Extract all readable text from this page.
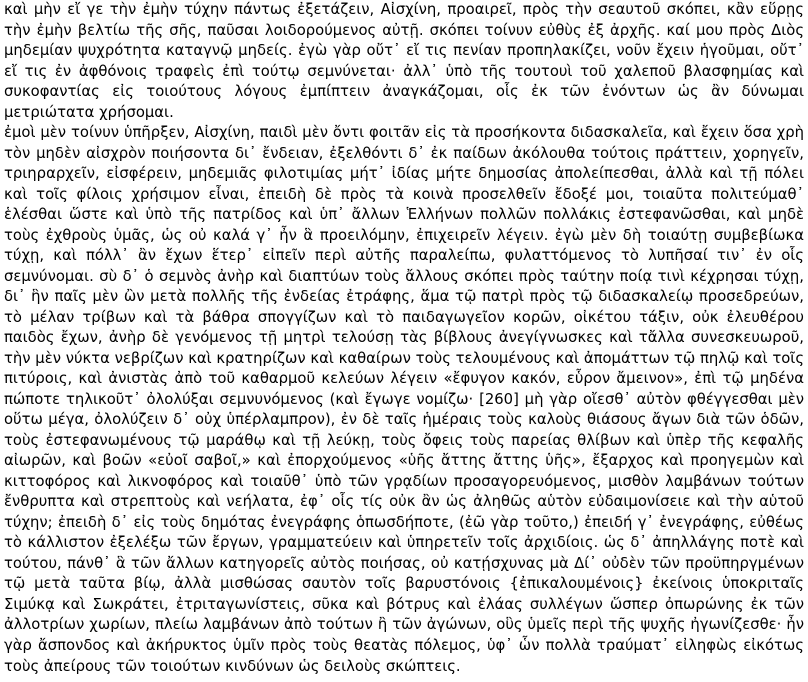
καὶ μὴν εἴ γε τὴν ἐμὴν τύχην πάντως ἐξετάζειν, Αἰσχίνη, προαιρεῖ, πρὸς τὴν σεαυτοῦ σκόπει, κἂν εὕρῃς τὴν ἐμὴν βελτίω τῆς σῆς, παῦσαι λοιδορούμενος αὐτῇ. σκόπει τοίνυν εὐθὺς ἐξ ἀρχῆς. καί μου πρὸς Διὸς μηδεμίαν ψυχρότητα καταγνῷ μηδείς. ἐγὼ γὰρ οὔτ᾽ εἴ τις πενίαν προπηλακίζει, νοῦν ἔχειν ἡγοῦμαι, οὔτ᾽ εἴ τις ἐν ἀφθόνοις τραφεὶς ἐπὶ τούτῳ σεμνύνεται· ἀλλ᾽ ὑπὸ τῆς τουτουὶ τοῦ χαλεποῦ βλασφημίας καὶ συκοφαντίας εἰς τοιούτους λόγους ἐμπίπτειν ἀναγκάζομαι, οἷς ἐκ τῶν ἐνόντων ὡς ἂν δύνωμαι μετριώτατα χρήσομαι.

ἐμοὶ μὲν τοίνυν ὑπῆρξεν, Αἰσχίνη, παιδὶ μὲν ὄντι φοιτᾶν εἰς τὰ προσήκοντα διδασκαλεῖα, καὶ ἔχειν ὅσα χρὴ τὸν μηδὲν αἰσχρὸν ποιήσοντα δι᾽ ἔνδειαν, ἐξελθόντι δ᾽ ἐκ παίδων ἀκόλουθα τούτοις πράττειν, χορηγεῖν, τριηραρχεῖν, εἰσφέρειν, μηδεμιᾶς φιλοτιμίας μήτ᾽ ἰδίας μήτε δημοσίας ἀπολείπεσθαι, ἀλλὰ καὶ τῇ πόλει καὶ τοῖς φίλοις χρήσιμον εἶναι, ἐπειδὴ δὲ πρὸς τὰ κοινὰ προσελθεῖν ἔδοξέ μοι, τοιαῦτα πολιτεύμαθ᾽ ἑλέσθαι ὥστε καὶ ὑπὸ τῆς πατρίδος καὶ ὑπ᾽ ἄλλων Ἑλλήνων πολλῶν πολλάκις ἐστεφανῶσθαι, καὶ μηδὲ τοὺς ἐχθροὺς ὑμᾶς, ὡς οὐ καλά γ᾽ ἦν ἃ προειλόμην, ἐπιχειρεῖν λέγειν. ἐγὼ μὲν δὴ τοιαύτῃ συμβεβίωκα τύχῃ, καὶ πόλλ᾽ ἂν ἔχων ἕτερ᾽ εἰπεῖν περὶ αὐτῆς παραλείπω, φυλαττόμενος τὸ λυπῆσαί τιν᾽ ἐν οἷς σεμνύνομαι. σὺ δ᾽ ὁ σεμνὸς ἀνὴρ καὶ διαπτύων τοὺς ἄλλους σκόπει πρὸς ταύτην ποίᾳ τινὶ κέχρησαι τύχῃ, δι᾽ ἣν παῖς μὲν ὢν μετὰ πολλῆς τῆς ἐνδείας ἐτράφης, ἅμα τῷ πατρὶ πρὸς τῷ διδασκαλείῳ προσεδρεύων, τὸ μέλαν τρίβων καὶ τὰ βάθρα σπογγίζων καὶ τὸ παιδαγωγεῖον κορῶν, οἰκέτου τάξιν, οὐκ ἐλευθέρου παιδὸς ἔχων, ἀνὴρ δὲ γενόμενος τῇ μητρὶ τελούσῃ τὰς βίβλους ἀνεγίγνωσκες καὶ τἄλλα συνεσκευωροῦ, τὴν μὲν νύκτα νεβρίζων καὶ κρατηρίζων καὶ καθαίρων τοὺς τελουμένους καὶ ἀπομάττων τῷ πηλῷ καὶ τοῖς πιτύροις, καὶ ἀνιστὰς ἀπὸ τοῦ καθαρμοῦ κελεύων λέγειν «ἔφυγον κακόν, εὗρον ἄμεινον», ἐπὶ τῷ μηδένα πώποτε τηλικοῦτ᾽ ὀλολύξαι σεμνυνόμενος (καὶ ἔγωγε νομίζω· [260] μὴ γὰρ οἴεσθ᾽ αὐτὸν φθέγγεσθαι μὲν οὕτω μέγα, ὀλολύζειν δ᾽ οὐχ ὑπέρλαμπρον), ἐν δὲ ταῖς ἡμέραις τοὺς καλοὺς θιάσους ἄγων διὰ τῶν ὁδῶν, τοὺς ἐστεφανωμένους τῷ μαράθῳ καὶ τῇ λεύκῃ, τοὺς ὄφεις τοὺς παρείας θλίβων καὶ ὑπὲρ τῆς κεφαλῆς αἰωρῶν, καὶ βοῶν «εὐοῖ σαβοῖ,» καὶ ἐπορχούμενος «ὑῆς ἄττης ἄττης ὑῆς», ἔξαρχος καὶ προηγεμὼν καὶ κιττοφόρος καὶ λικνοφόρος καὶ τοιαῦθ᾽ ὑπὸ τῶν γρᾳδίων προσαγορευόμενος, μισθὸν λαμβάνων τούτων ἔνθρυπτα καὶ στρεπτοὺς καὶ νεήλατα, ἐφ᾽ οἷς τίς οὐκ ἂν ὡς ἀληθῶς αὑτὸν εὐδαιμονίσειε καὶ τὴν αὑτοῦ τύχην; ἐπειδὴ δ᾽ εἰς τοὺς δημότας ἐνεγράφης ὁπωσδήποτε, (ἐῶ γὰρ τοῦτο,) ἐπειδή γ᾽ ἐνεγράφης, εὐθέως τὸ κάλλιστον ἐξελέξω τῶν ἔργων, γραμματεύειν καὶ ὑπηρετεῖν τοῖς ἀρχιδίοις. ὡς δ᾽ ἀπηλλάγης ποτὲ καὶ τούτου, πάνθ᾽ ἃ τῶν ἄλλων κατηγορεῖς αὐτὸς ποιήσας, οὐ κατῄσχυνας μὰ Δί᾽ οὐδὲν τῶν προϋπηργμένων τῷ μετὰ ταῦτα βίῳ, ἀλλὰ μισθώσας σαυτὸν τοῖς βαρυστόνοις {ἐπικαλουμένοις} ἐκείνοις ὑποκριταῖς Σιμύκᾳ καὶ Σωκράτει, ἐτριταγωνίστεις, σῦκα καὶ βότρυς καὶ ἐλάας συλλέγων ὥσπερ ὀπωρώνης ἐκ τῶν ἀλλοτρίων χωρίων, πλείω λαμβάνων ἀπὸ τούτων ἢ τῶν ἀγώνων, οὓς ὑμεῖς περὶ τῆς ψυχῆς ἠγωνίζεσθε· ἦν γὰρ ἄσπονδος καὶ ἀκήρυκτος ὑμῖν πρὸς τοὺς θεατὰς πόλεμος, ὑφ᾽ ὧν πολλὰ τραύματ᾽ εἰληφὼς εἰκότως τοὺς ἀπείρους τῶν τοιούτων κινδύνων ὡς δειλοὺς σκώπτεις.
